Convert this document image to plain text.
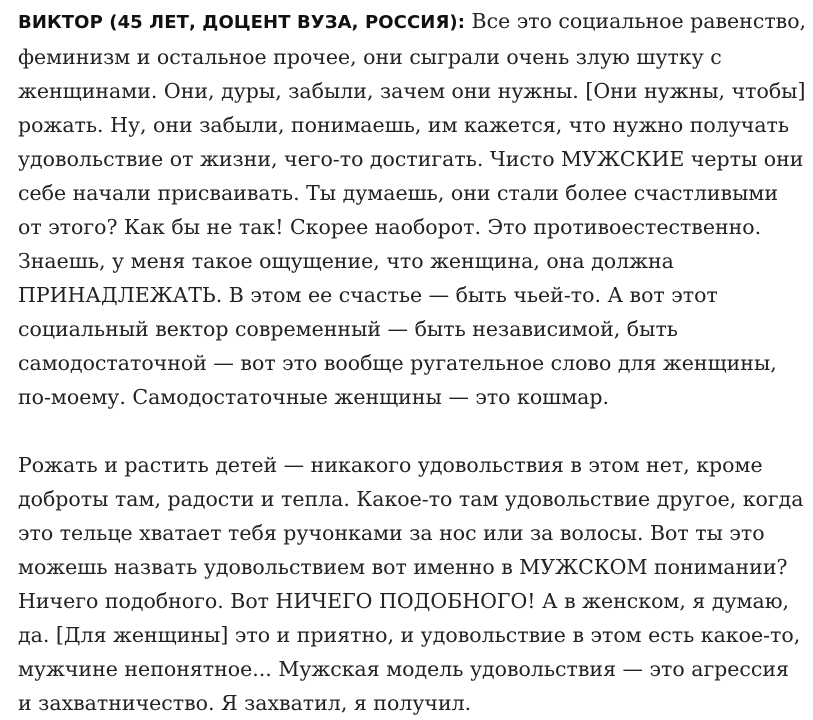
ВИКТОР (45 ЛЕТ, ДОЦЕНТ ВУЗА, РОССИЯ): Все это социальное равенство, феминизм и остальное прочее, они сыграли очень злую шутку с женщинами. Они, дуры, забыли, зачем они нужны. [Они нужны, чтобы] рожать. Ну, они забыли, понимаешь, им кажется, что нужно получать удовольствие от жизни, чего-то достигать. Чисто МУЖСКИЕ черты они себе начали присваивать. Ты думаешь, они стали более счастливыми от этого? Как бы не так! Скорее наоборот. Это противоестественно. Знаешь, у меня такое ощущение, что женщина, она должна ПРИНАДЛЕЖАТЬ. В этом ее счастье — быть чьей-то. А вот этот социальный вектор современный — быть независимой, быть самодостаточной — вот это вообще ругательное слово для женщины, по-моему. Самодостаточные женщины — это кошмар.

Рожать и растить детей — никакого удовольствия в этом нет, кроме доброты там, радости и тепла. Какое-то там удовольствие другое, когда это тельце хватает тебя ручонками за нос или за волосы. Вот ты это можешь назвать удовольствием вот именно в МУЖСКОМ понимании? Ничего подобного. Вот НИЧЕГО ПОДОБНОГО! А в женском, я думаю, да. [Для женщины] это и приятно, и удовольствие в этом есть какое-то, мужчине непонятное... Мужская модель удовольствия — это агрессия и захватничество. Я захватил, я получил.
